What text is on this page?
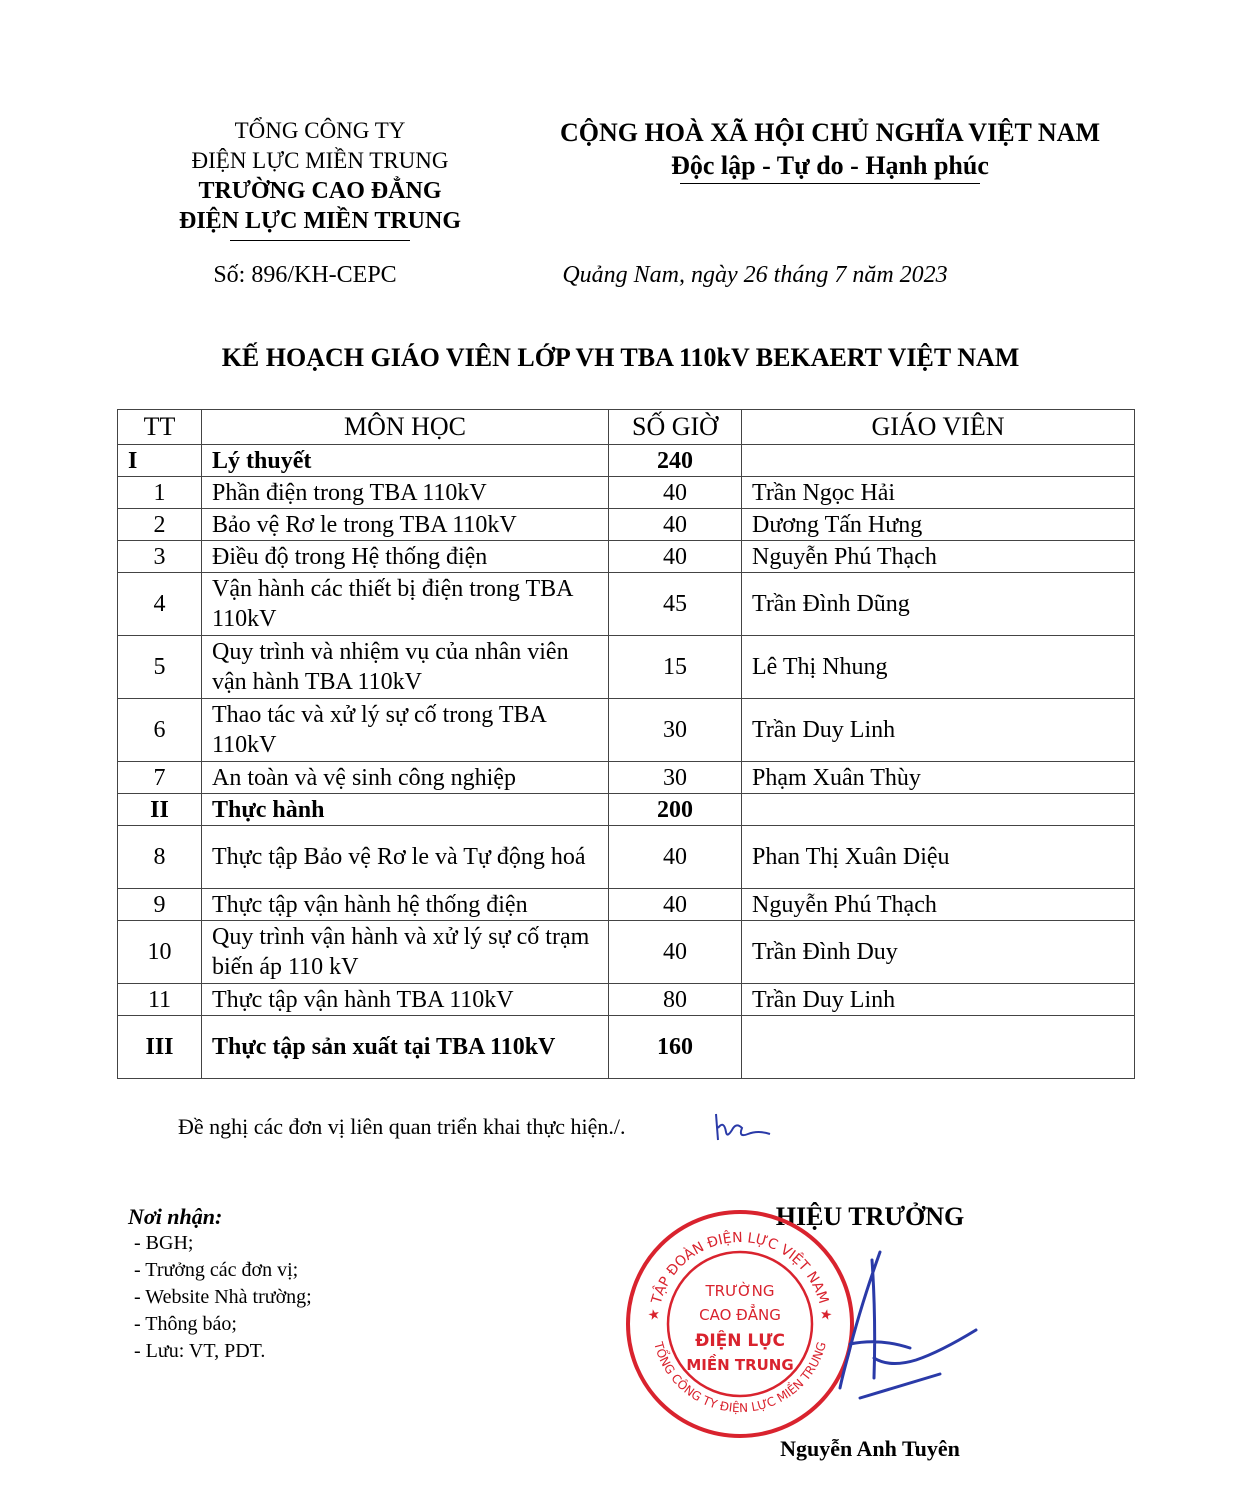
TỔNG CÔNG TY
ĐIỆN LỰC MIỀN TRUNG
TRƯỜNG CAO ĐẲNG
ĐIỆN LỰC MIỀN TRUNG
CỘNG HOÀ XÃ HỘI CHỦ NGHĨA VIỆT NAM
Độc lập - Tự do - Hạnh phúc
Số: 896/KH-CEPC	Quảng Nam, ngày 26 tháng 7 năm 2023
KẾ HOẠCH GIÁO VIÊN LỚP VH TBA 110kV BEKAERT VIỆT NAM
TT	MÔN HỌC	SỐ GIỜ	GIÁO VIÊN
I	Lý thuyết	240	
1	Phần điện trong TBA 110kV	40	Trần Ngọc Hải
2	Bảo vệ Rơ le trong TBA 110kV	40	Dương Tấn Hưng
3	Điều độ trong Hệ thống điện	40	Nguyễn Phú Thạch
4	Vận hành các thiết bị điện trong TBA 110kV	45	Trần Đình Dũng
5	Quy trình và nhiệm vụ của nhân viên vận hành TBA 110kV	15	Lê Thị Nhung
6	Thao tác và xử lý sự cố trong TBA 110kV	30	Trần Duy Linh
7	An toàn và vệ sinh công nghiệp	30	Phạm Xuân Thùy
II	Thực hành	200	
8	Thực tập Bảo vệ Rơ le và Tự động hoá	40	Phan Thị Xuân Diệu
9	Thực tập vận hành hệ thống điện	40	Nguyễn Phú Thạch
10	Quy trình vận hành và xử lý sự cố trạm biến áp 110 kV	40	Trần Đình Duy
11	Thực tập vận hành TBA 110kV	80	Trần Duy Linh
III	Thực tập sản xuất tại TBA 110kV	160	
Đề nghị các đơn vị liên quan triển khai thực hiện./.
Nơi nhận:
- BGH;
- Trưởng các đơn vị;
- Website Nhà trường;
- Thông báo;
- Lưu: VT, PDT.
HIỆU TRƯỞNG
★ TẬP ĐOÀN ĐIỆN LỰC VIỆT NAM ★
TỔNG CÔNG TY ĐIỆN LỰC MIỀN TRUNG
TRƯỜNG
CAO ĐẲNG
ĐIỆN LỰC
MIỀN TRUNG
Nguyễn Anh Tuyên
